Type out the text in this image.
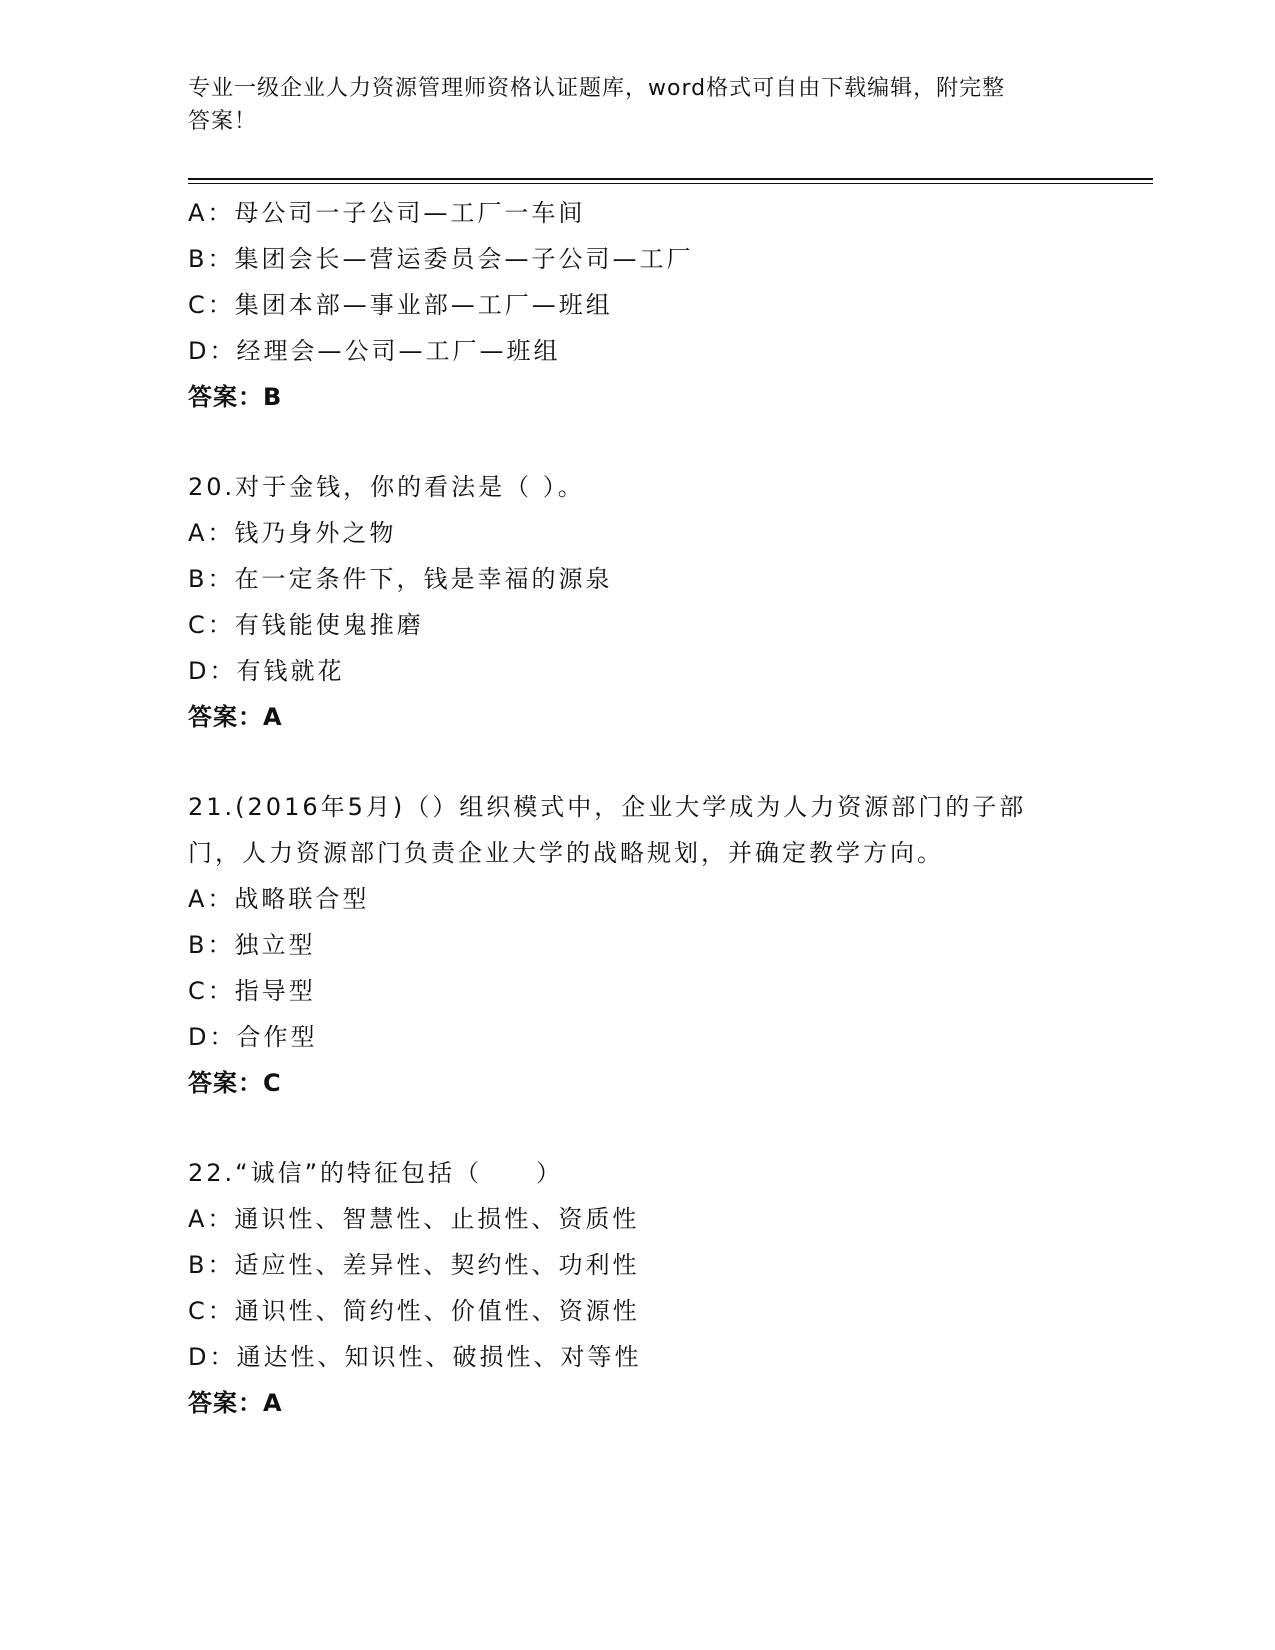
专业一级企业人力资源管理师资格认证题库，word格式可自由下载编辑，附完整
答案！
A：母公司一子公司—工厂一车间
B：集团会长—营运委员会—子公司—工厂
C：集团本部—事业部—工厂—班组
D：经理会—公司—工厂—班组
答案：B
20.对于金钱，你的看法是（ ）。
A：钱乃身外之物
B：在一定条件下，钱是幸福的源泉
C：有钱能使鬼推磨
D：有钱就花
答案：A
21.(2016年5月)（）组织模式中，企业大学成为人力资源部门的子部
门，人力资源部门负责企业大学的战略规划，并确定教学方向。
A：战略联合型
B：独立型
C：指导型
D：合作型
答案：C
22.“诚信”的特征包括（　　）
A：通识性、智慧性、止损性、资质性
B：适应性、差异性、契约性、功利性
C：通识性、简约性、价值性、资源性
D：通达性、知识性、破损性、对等性
答案：A
